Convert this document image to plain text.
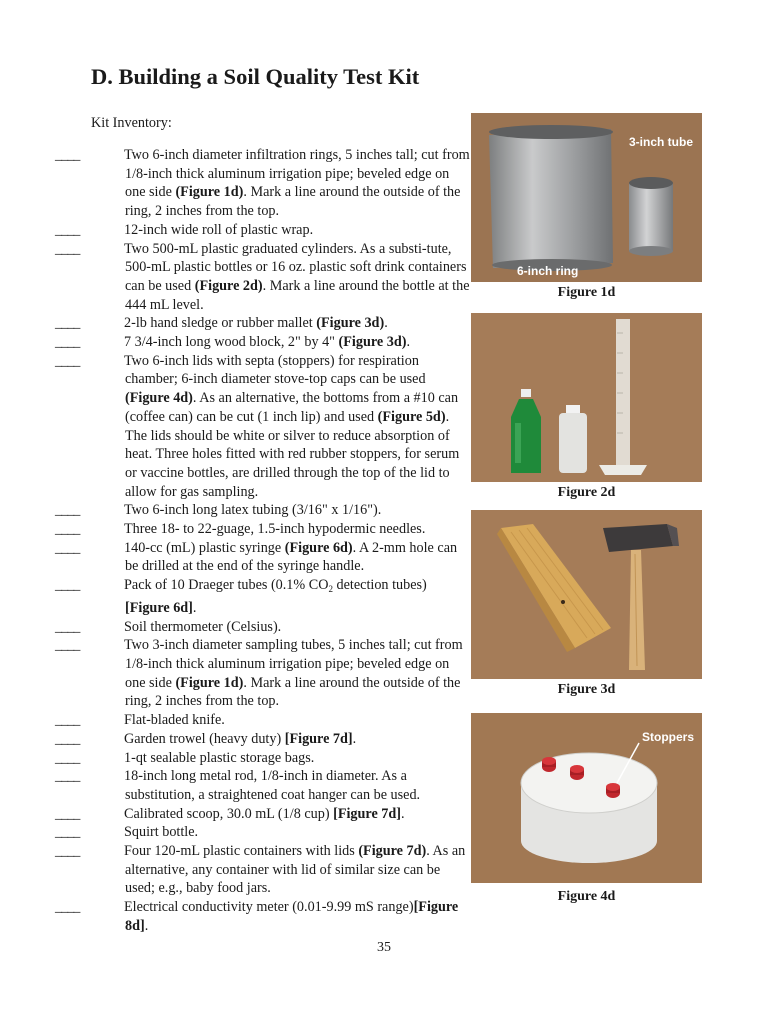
D. Building a Soil Quality Test Kit

Kit Inventory:

____	Two 6-inch diameter infiltration rings, 5 inches tall; cut from 1/8-inch thick aluminum irrigation pipe; beveled edge on one side (Figure 1d). Mark a line around the outside of the ring, 2 inches from the top.
____	12-inch wide roll of plastic wrap.
____	Two 500-mL plastic graduated cylinders. As a substi-tute, 500-mL plastic bottles or 16 oz. plastic soft drink containers can be used (Figure 2d). Mark a line around the bottle at the 444 mL level.
____	2-lb hand sledge or rubber mallet (Figure 3d).
____	7 3/4-inch long wood block, 2" by 4" (Figure 3d).
____	Two 6-inch lids with septa (stoppers) for respiration chamber; 6-inch diameter stove-top caps can be used (Figure 4d). As an alternative, the bottoms from a #10 can (coffee can) can be cut (1 inch lip) and used (Figure 5d). The lids should be white or silver to reduce absorption of heat. Three holes fitted with red rubber stoppers, for serum or vaccine bottles, are drilled through the top of the lid to allow for gas sampling.
____	Two 6-inch long latex tubing (3/16" x 1/16").
____	Three 18- to 22-guage, 1.5-inch hypodermic needles.
____	140-cc (mL) plastic syringe (Figure 6d). A 2-mm hole can be drilled at the end of the syringe handle.
____	Pack of 10 Draeger tubes (0.1% $CO_2$ detection tubes) [Figure 6d].
____	Soil thermometer (Celsius).
____	Two 3-inch diameter sampling tubes, 5 inches tall; cut from 1/8-inch thick aluminum irrigation pipe; beveled edge on one side (Figure 1d). Mark a line around the outside of the ring, 2 inches from the top.
____	Flat-bladed knife.
____	Garden trowel (heavy duty) [Figure 7d].
____	1-qt sealable plastic storage bags.
____	18-inch long metal rod, 1/8-inch in diameter. As a substitution, a straightened coat hanger can be used.
____	Calibrated scoop, 30.0 mL (1/8 cup) [Figure 7d].
____	Squirt bottle.
____	Four 120-mL plastic containers with lids (Figure 7d). As an alternative, any container with lid of similar size can be used; e.g., baby food jars.
____	Electrical conductivity meter (0.01-9.99 mS range)[Figure 8d].
3-inch tube
6-inch ring
Figure 1d
Figure 2d
Figure 3d
Stoppers
Figure 4d
35
